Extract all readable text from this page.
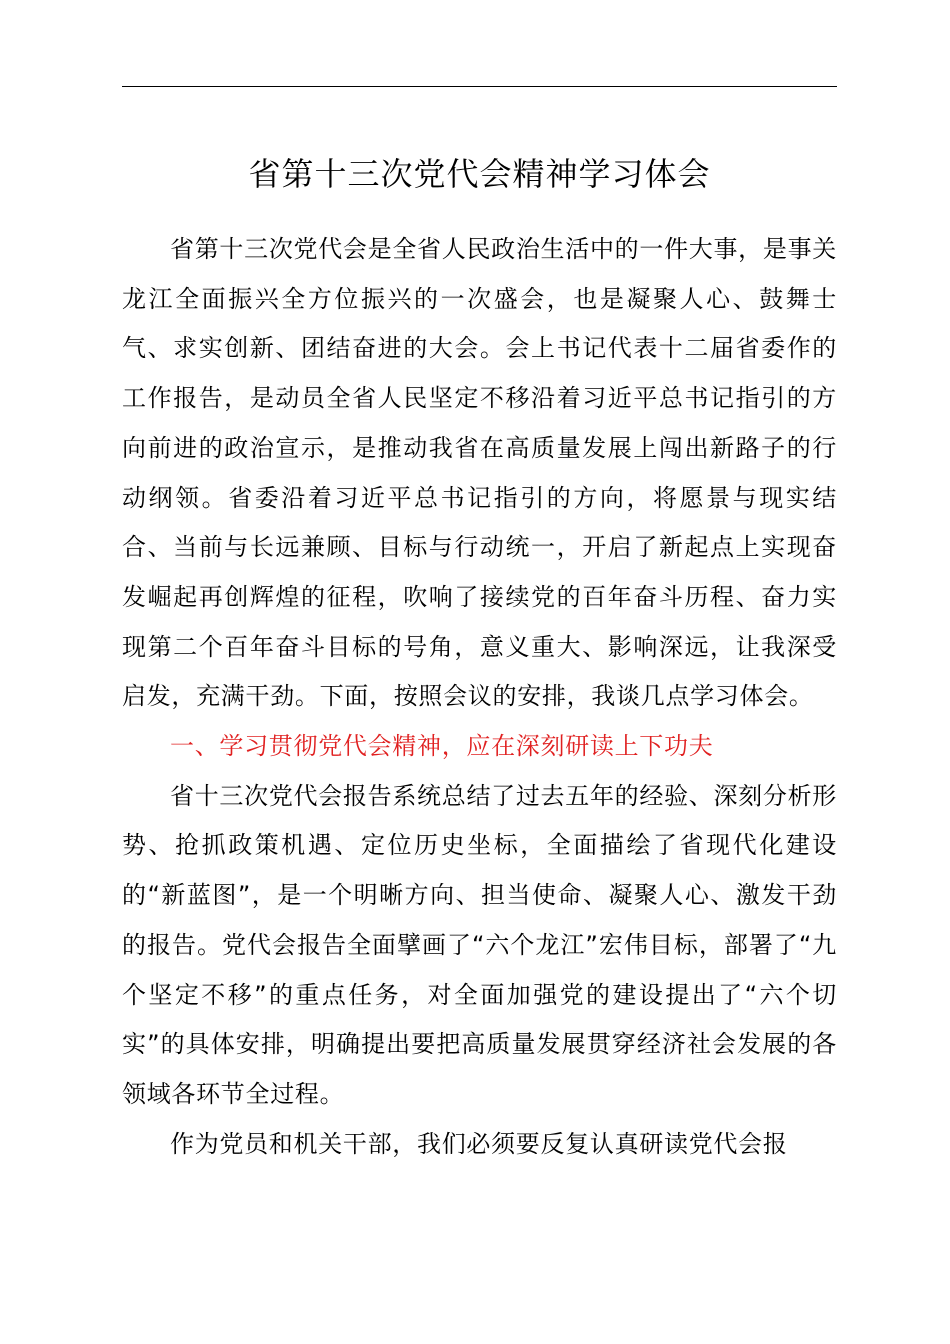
省第十三次党代会精神学习体会

省第十三次党代会是全省人民政治生活中的一件大事，是事关龙江全面振兴全方位振兴的一次盛会，也是凝聚人心、鼓舞士气、求实创新、团结奋进的大会。会上书记代表十二届省委作的工作报告，是动员全省人民坚定不移沿着习近平总书记指引的方向前进的政治宣示，是推动我省在高质量发展上闯出新路子的行动纲领。省委沿着习近平总书记指引的方向，将愿景与现实结合、当前与长远兼顾、目标与行动统一，开启了新起点上实现奋发崛起再创辉煌的征程，吹响了接续党的百年奋斗历程、奋力实现第二个百年奋斗目标的号角，意义重大、影响深远，让我深受启发，充满干劲。下面，按照会议的安排，我谈几点学习体会。

一、学习贯彻党代会精神，应在深刻研读上下功夫

省十三次党代会报告系统总结了过去五年的经验、深刻分析形势、抢抓政策机遇、定位历史坐标，全面描绘了省现代化建设的“新蓝图”，是一个明晰方向、担当使命、凝聚人心、激发干劲的报告。党代会报告全面擘画了“六个龙江”宏伟目标，部署了“九个坚定不移”的重点任务，对全面加强党的建设提出了“六个切实”的具体安排，明确提出要把高质量发展贯穿经济社会发展的各领域各环节全过程。

作为党员和机关干部，我们必须要反复认真研读党代会报
